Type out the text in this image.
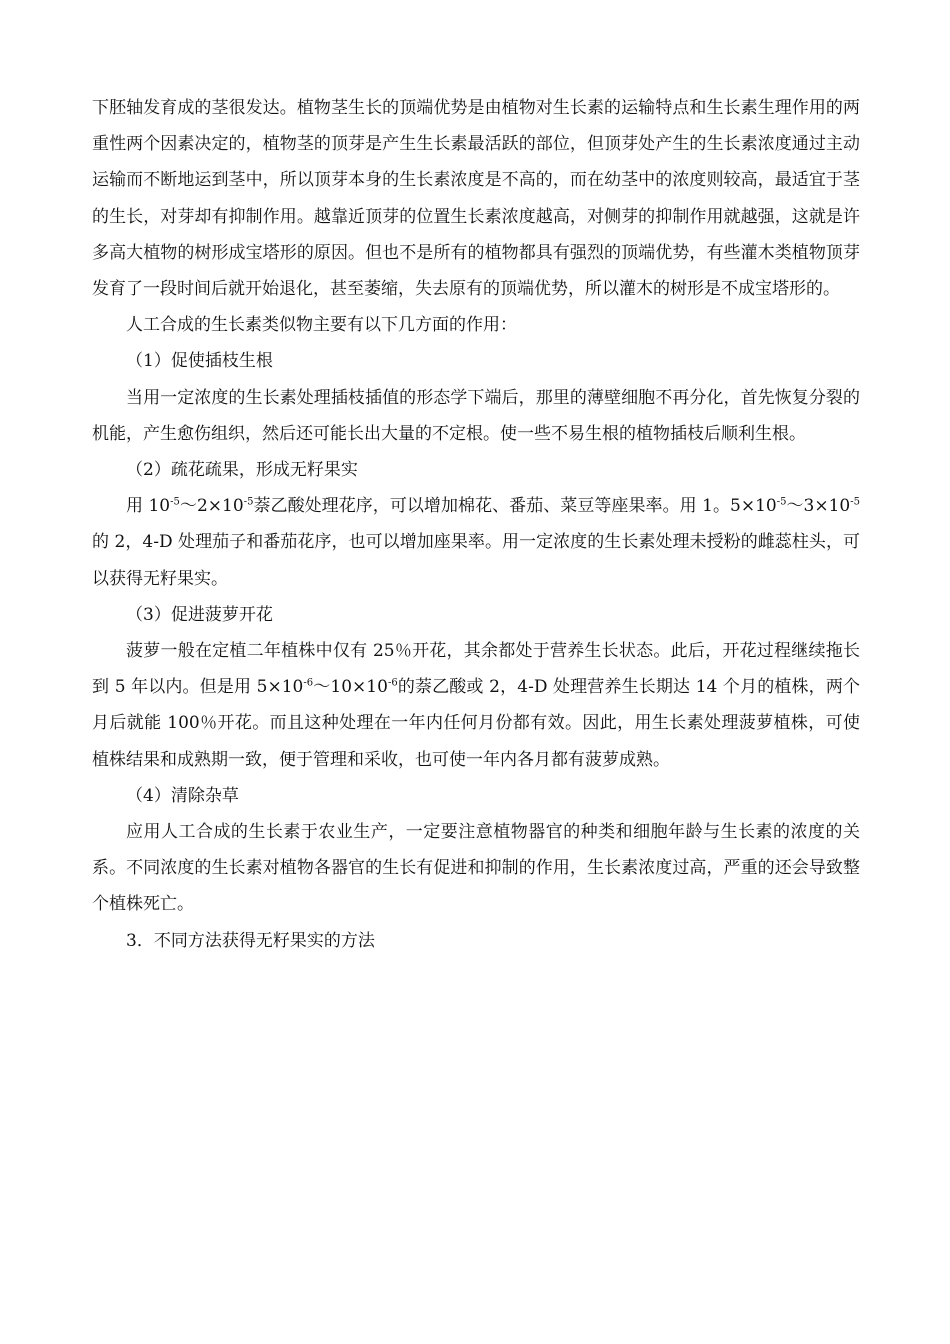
下胚轴发育成的茎很发达。植物茎生长的顶端优势是由植物对生长素的运输特点和生长素生理作用的两重性两个因素决定的，植物茎的顶芽是产生生长素最活跃的部位，但顶芽处产生的生长素浓度通过主动运输而不断地运到茎中，所以顶芽本身的生长素浓度是不高的，而在幼茎中的浓度则较高，最适宜于茎的生长，对芽却有抑制作用。越靠近顶芽的位置生长素浓度越高，对侧芽的抑制作用就越强，这就是许多高大植物的树形成宝塔形的原因。但也不是所有的植物都具有强烈的顶端优势，有些灌木类植物顶芽发育了一段时间后就开始退化，甚至萎缩，失去原有的顶端优势，所以灌木的树形是不成宝塔形的。

人工合成的生长素类似物主要有以下几方面的作用：

（1）促使插枝生根

当用一定浓度的生长素处理插枝插值的形态学下端后，那里的薄壁细胞不再分化，首先恢复分裂的机能，产生愈伤组织，然后还可能长出大量的不定根。使一些不易生根的植物插枝后顺利生根。

（2）疏花疏果，形成无籽果实

用 $10^{-5}\sim 2\times 10^{-5}$萘乙酸处理花序，可以增加棉花、番茄、菜豆等座果率。用 1。$5\times 10^{-5}\sim 3\times 10^{-5}$的 2，4-D 处理茄子和番茄花序，也可以增加座果率。用一定浓度的生长素处理未授粉的雌蕊柱头，可以获得无籽果实。

（3）促进菠萝开花

菠萝一般在定植二年植株中仅有 25％开花，其余都处于营养生长状态。此后，开花过程继续拖长到 5 年以内。但是用 $5\times 10^{-6}\sim 10\times 10^{-6}$的萘乙酸或 2，4-D 处理营养生长期达 14 个月的植株，两个月后就能 100％开花。而且这种处理在一年内任何月份都有效。因此，用生长素处理菠萝植株，可使植株结果和成熟期一致，便于管理和采收，也可使一年内各月都有菠萝成熟。

（4）清除杂草

应用人工合成的生长素于农业生产，一定要注意植物器官的种类和细胞年龄与生长素的浓度的关系。不同浓度的生长素对植物各器官的生长有促进和抑制的作用，生长素浓度过高，严重的还会导致整个植株死亡。

3．不同方法获得无籽果实的方法
